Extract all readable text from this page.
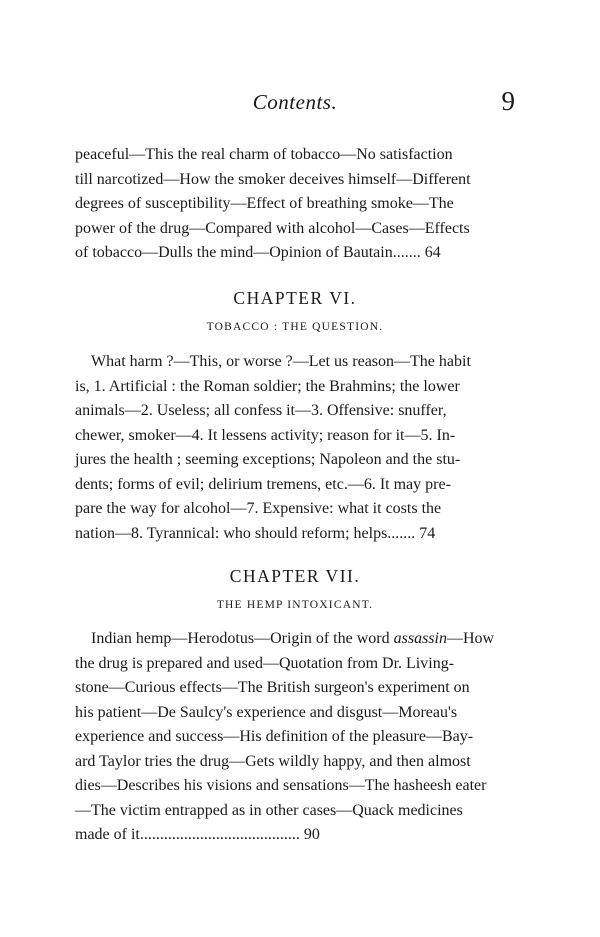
Contents.	9

peaceful—This the real charm of tobacco—No satisfaction
till narcotized—How the smoker deceives himself—Different
degrees of susceptibility—Effect of breathing smoke—The
power of the drug—Compared with alcohol—Cases—Effects
of tobacco—Dulls the mind—Opinion of Bautain....... 64

CHAPTER VI.
TOBACCO : THE QUESTION.

What harm ?—This, or worse ?—Let us reason—The habit
is, 1. Artificial : the Roman soldier; the Brahmins; the lower
animals—2. Useless; all confess it—3. Offensive: snuffer,
chewer, smoker—4. It lessens activity; reason for it—5. In-
jures the health ; seeming exceptions; Napoleon and the stu-
dents; forms of evil; delirium tremens, etc.—6. It may pre-
pare the way for alcohol—7. Expensive: what it costs the
nation—8. Tyrannical: who should reform; helps....... 74

CHAPTER VII.
THE HEMP INTOXICANT.

Indian hemp—Herodotus—Origin of the word assassin—How
the drug is prepared and used—Quotation from Dr. Living-
stone—Curious effects—The British surgeon's experiment on
his patient—De Saulcy's experience and disgust—Moreau's
experience and success—His definition of the pleasure—Bay-
ard Taylor tries the drug—Gets wildly happy, and then almost
dies—Describes his visions and sensations—The hasheesh eater
—The victim entrapped as in other cases—Quack medicines
made of it........................................ 90
